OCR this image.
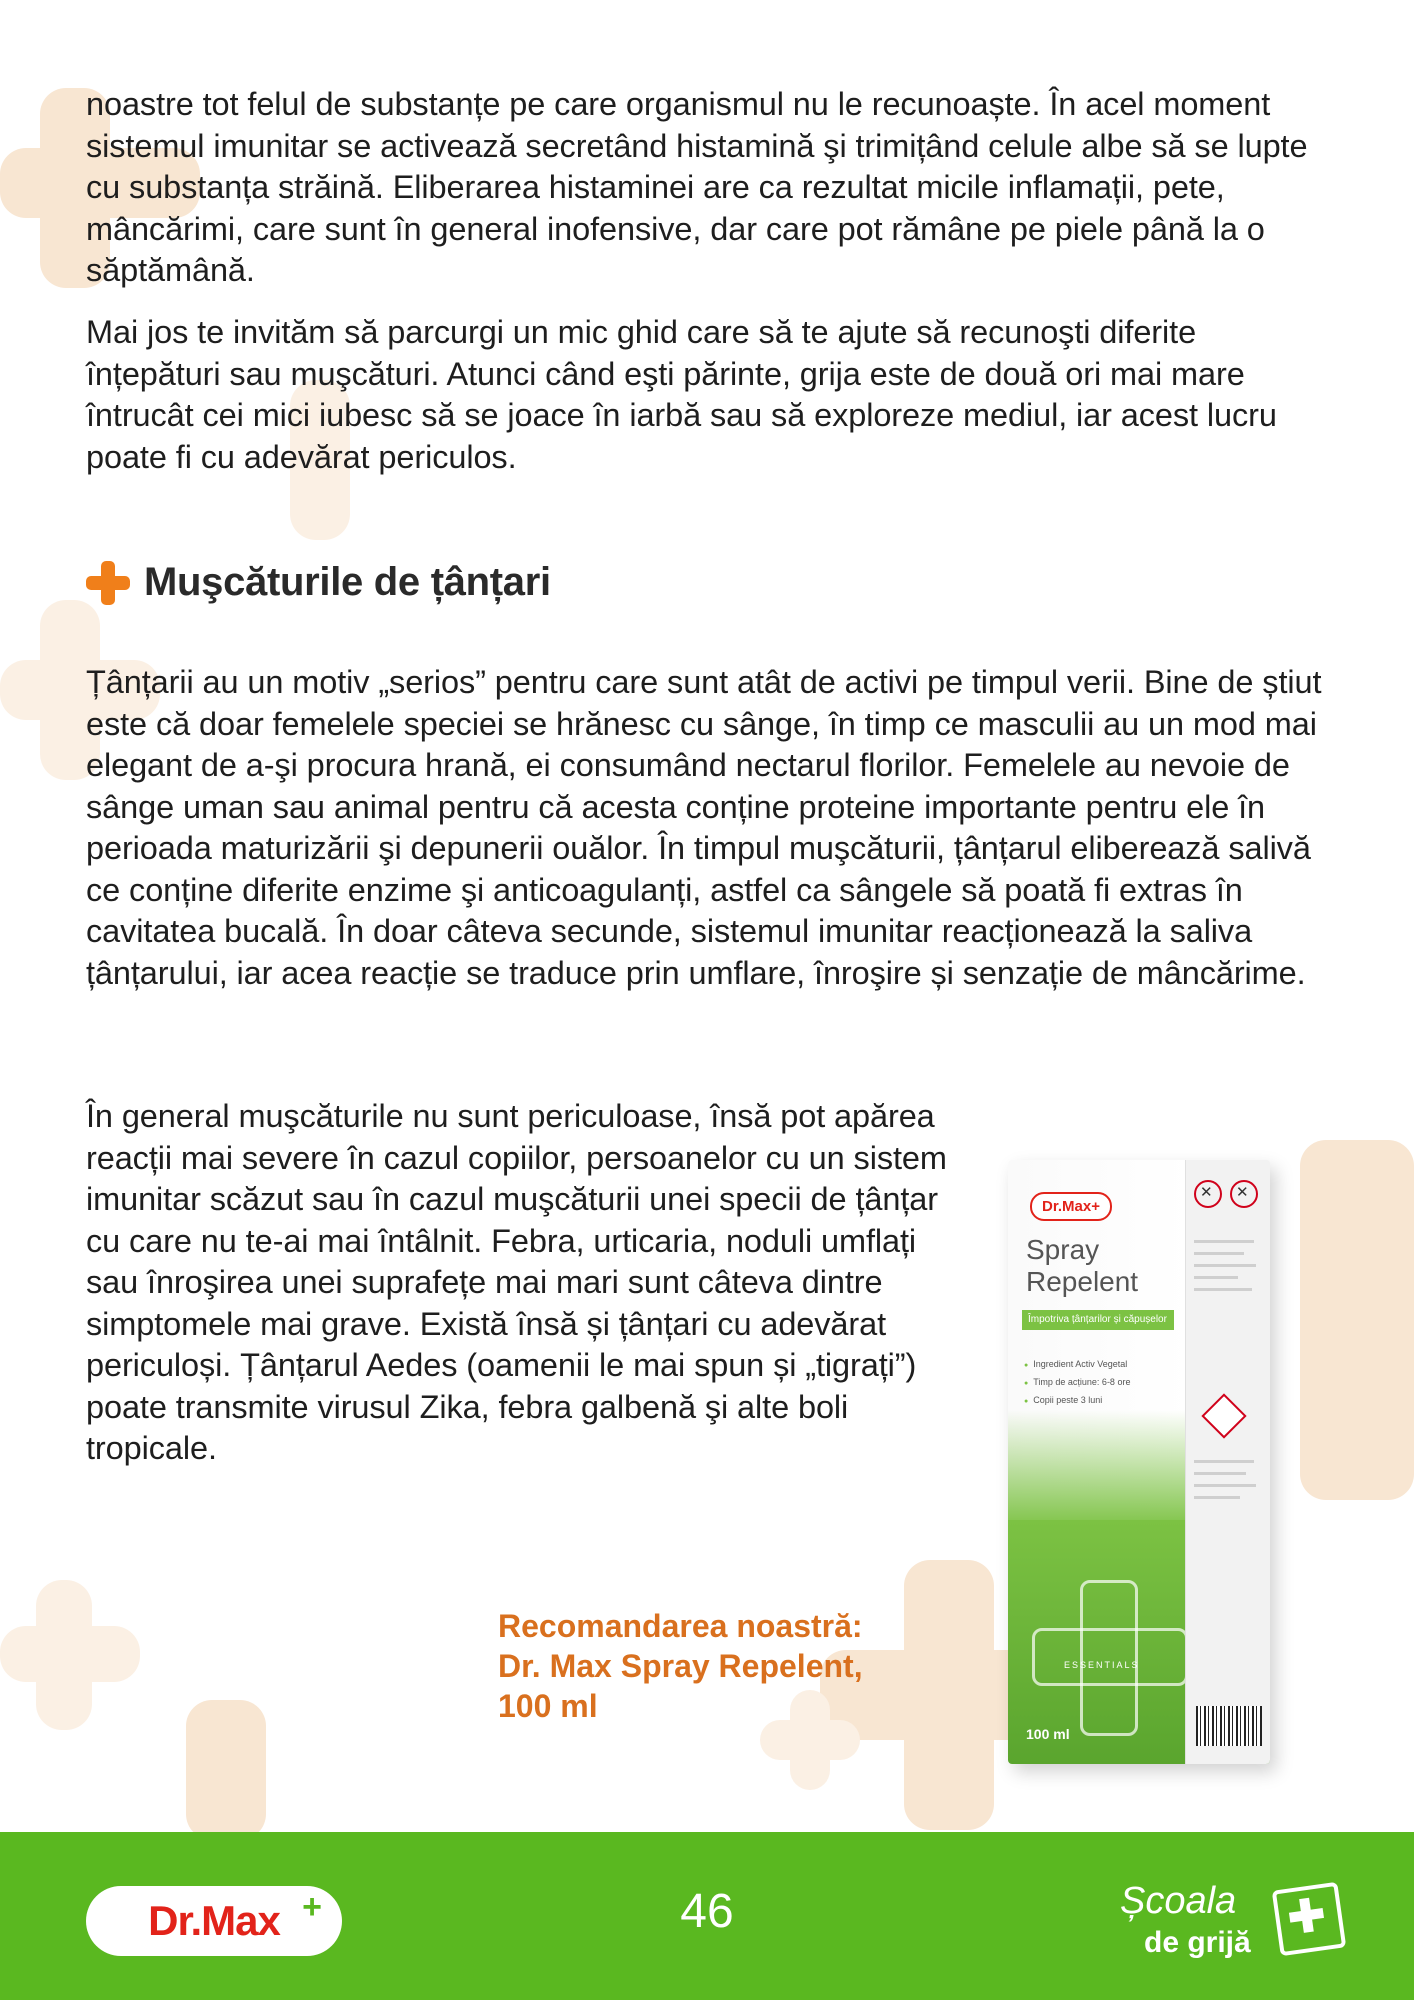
noastre tot felul de substanțe pe care organismul nu le recunoaște. În acel moment sistemul imunitar se activează secretând histamină şi trimițând celule albe să se lupte cu substanța străină. Eliberarea histaminei are ca rezultat micile inflamații, pete, mâncărimi, care sunt în general inofensive, dar care pot rămâne pe piele până la o săptămână.

Mai jos te invităm să parcurgi un mic ghid care să te ajute să recunoşti diferite înțepături sau muşcături. Atunci când eşti părinte, grija este de două ori mai mare întrucât cei mici iubesc să se joace în iarbă sau să exploreze mediul, iar acest lucru poate fi cu adevărat periculos.

Muşcăturile de țânțari

Țânțarii au un motiv „serios” pentru care sunt atât de activi pe timpul verii. Bine de știut este că doar femelele speciei se hrănesc cu sânge, în timp ce masculii au un mod mai elegant de a-şi procura hrană, ei consumând nectarul florilor. Femelele au nevoie de sânge uman sau animal pentru că acesta conține proteine importante pentru ele în perioada maturizării şi depunerii ouălor. În timpul muşcăturii, țânțarul eliberează salivă ce conține diferite enzime şi anticoagulanți, astfel ca sângele să poată fi extras în cavitatea bucală. În doar câteva secunde, sistemul imunitar reacționează la saliva țânțarului, iar acea reacție se traduce prin umflare, înroşire și senzație de mâncărime.

În general muşcăturile nu sunt periculoase, însă pot apărea reacții mai severe în cazul copiilor, persoanelor cu un sistem imunitar scăzut sau în cazul muşcăturii unei specii de țânțar cu care nu te-ai mai întâlnit. Febra, urticaria, noduli umflați sau înroşirea unei suprafețe mai mari sunt câteva dintre simptomele mai grave. Există însă și țânțari cu adevărat periculoși. Țânțarul Aedes (oamenii le mai spun și „tigrați”) poate transmite virusul Zika, febra galbenă şi alte boli tropicale.

Dr.Max+
Spray
Repelent
Împotriva țânțarilor și căpușelor
● Ingredient Activ Vegetal
● Timp de acțiune: 6-8 ore
● Copii peste 3 luni
ESSENTIALS
100 ml
✕
✕
Recomandarea noastră:
Dr. Max Spray Repelent,
100 ml
Dr.Max +	46	Școala
de grijă
